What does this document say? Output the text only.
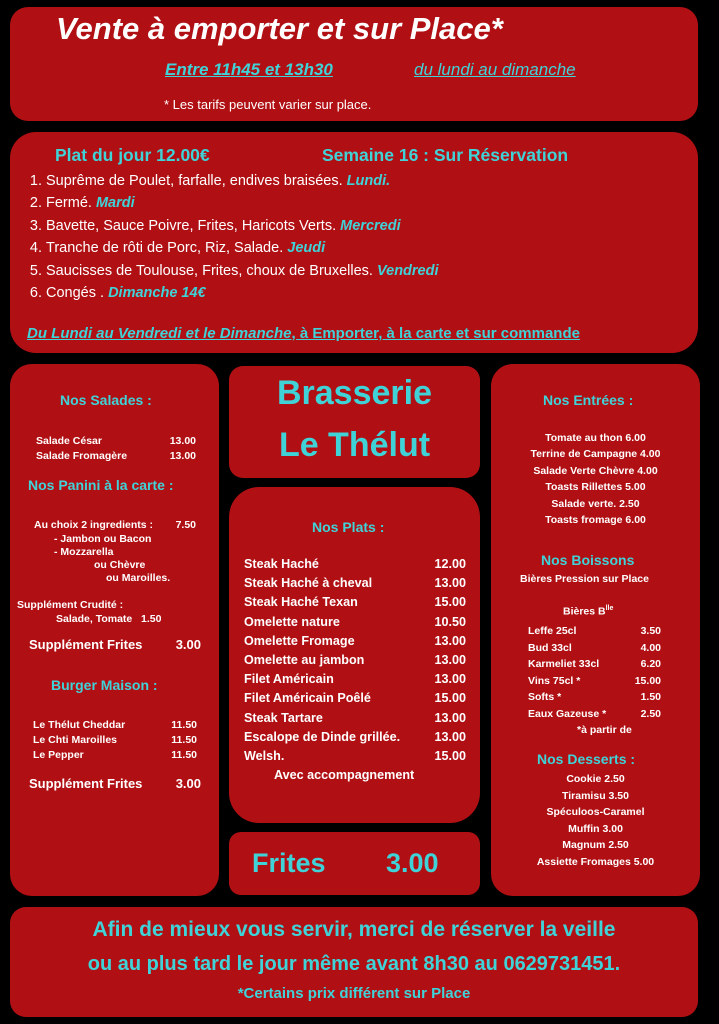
Vente à emporter et sur Place*
Entre 11h45 et 13h30	du lundi au dimanche
* Les tarifs peuvent varier sur place.
Plat du jour 12.00€	Semaine 16 : Sur Réservation
1. Suprême de Poulet, farfalle, endives braisées. Lundi.
2. Fermé. Mardi
3. Bavette, Sauce Poivre, Frites, Haricots Verts. Mercredi
4. Tranche de rôti de Porc, Riz, Salade. Jeudi
5. Saucisses de Toulouse, Frites, choux de Bruxelles. Vendredi
6. Congés . Dimanche 14€
Du Lundi au Vendredi et le Dimanche, à Emporter, à la carte et sur commande
Nos Salades :
Salade César	13.00
Salade Fromagère	13.00
Nos Panini à la carte :
Au choix 2 ingredients : 7.50
- Jambon ou Bacon
- Mozzarella
ou Chèvre
ou Maroilles.
Supplément Crudité :
Salade, Tomate 1.50
Supplément Frites	3.00
Burger Maison :
Le Thélut Cheddar	11.50
Le Chti Maroilles	11.50
Le Pepper	11.50
Supplément Frites	3.00
Brasserie
Le Thélut
Nos Plats :
Steak Haché	12.00
Steak Haché à cheval	13.00
Steak Haché Texan	15.00
Omelette nature	10.50
Omelette Fromage	13.00
Omelette au jambon	13.00
Filet Américain	13.00
Filet Américain Poêlé	15.00
Steak Tartare	13.00
Escalope de Dinde grillée.	13.00
Welsh.	15.00
Avec accompagnement
Frites 3.00
Nos Entrées :
Tomate au thon 6.00
Terrine de Campagne 4.00
Salade Verte Chèvre 4.00
Toasts Rillettes 5.00
Salade verte. 2.50
Toasts fromage 6.00
Nos Boissons
Bières Pression sur Place
Bières $B^{lle}$
Leffe 25cl	3.50
Bud 33cl	4.00
Karmeliet 33cl	6.20
Vins 75cl *	15.00
Softs *	1.50
Eaux Gazeuse *	2.50
*à partir de
Nos Desserts :
Cookie 2.50
Tiramisu 3.50
Spéculoos-Caramel
Muffin 3.00
Magnum 2.50
Assiette Fromages 5.00
Afin de mieux vous servir, merci de réserver la veille
ou au plus tard le jour même avant 8h30 au 0629731451.
*Certains prix différent sur Place
